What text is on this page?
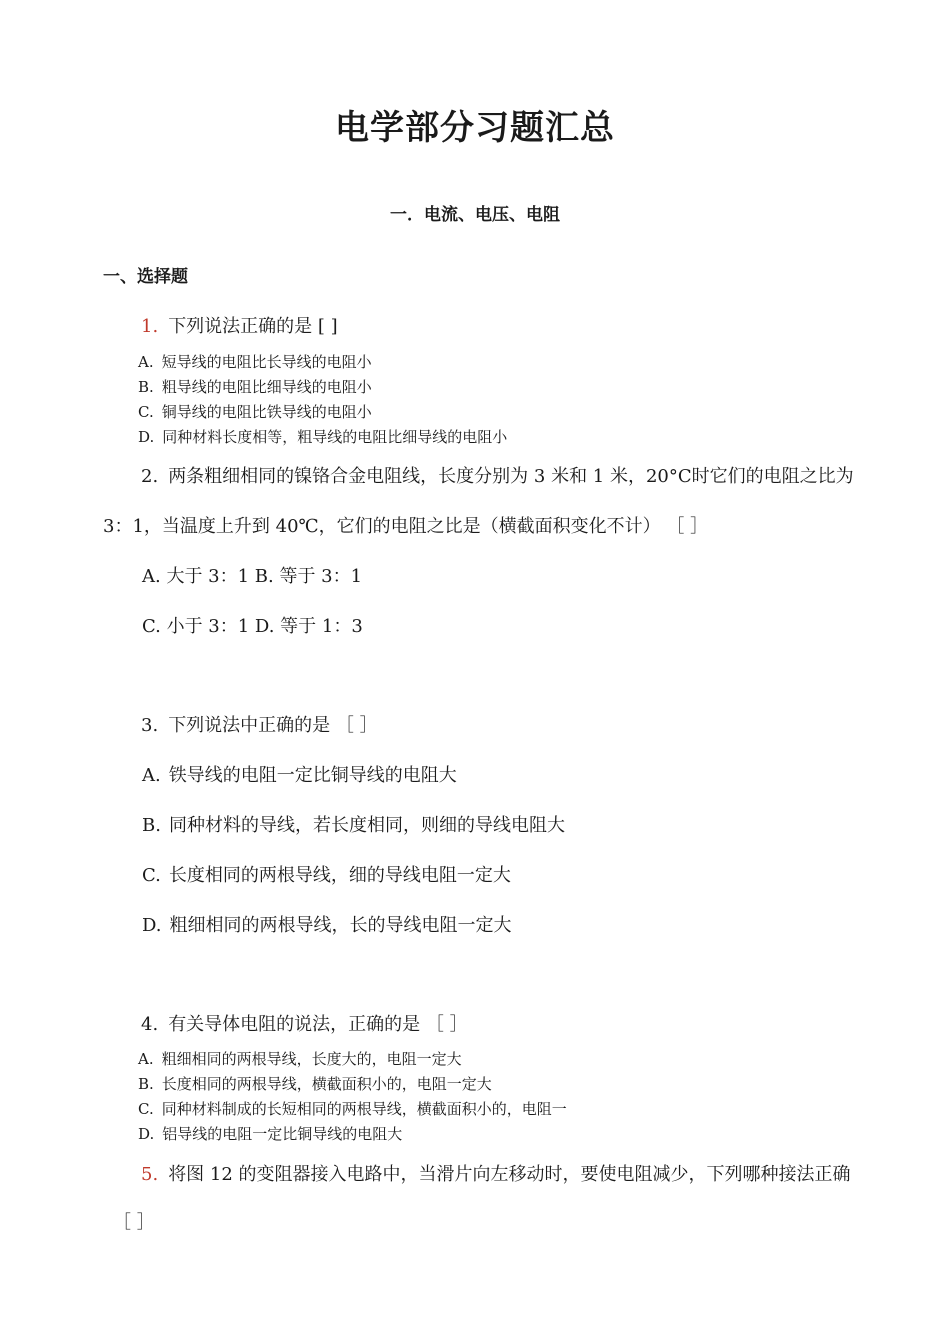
电学部分习题汇总
一．电流、电压、电阻
一、选择题
1. 下列说法正确的是 [ ]
A. 短导线的电阻比长导线的电阻小
B. 粗导线的电阻比细导线的电阻小
C. 铜导线的电阻比铁导线的电阻小
D. 同种材料长度相等，粗导线的电阻比细导线的电阻小
2. 两条粗细相同的镍铬合金电阻线，长度分别为 3 米和 1 米，20°C时它们的电阻之比为
3：1，当温度上升到 40℃，它们的电阻之比是（横截面积变化不计） ［ ］
A. 大于 3：1 B. 等于 3：1
C. 小于 3：1 D. 等于 1：3
3. 下列说法中正确的是 ［ ］
A. 铁导线的电阻一定比铜导线的电阻大
B. 同种材料的导线，若长度相同，则细的导线电阻大
C. 长度相同的两根导线，细的导线电阻一定大
D. 粗细相同的两根导线，长的导线电阻一定大
4. 有关导体电阻的说法，正确的是 ［ ］
A. 粗细相同的两根导线，长度大的，电阻一定大
B. 长度相同的两根导线，横截面积小的，电阻一定大
C. 同种材料制成的长短相同的两根导线，横截面积小的，电阻一
D. 铝导线的电阻一定比铜导线的电阻大
5. 将图 12 的变阻器接入电路中，当滑片向左移动时，要使电阻减少，下列哪种接法正确
［ ］
